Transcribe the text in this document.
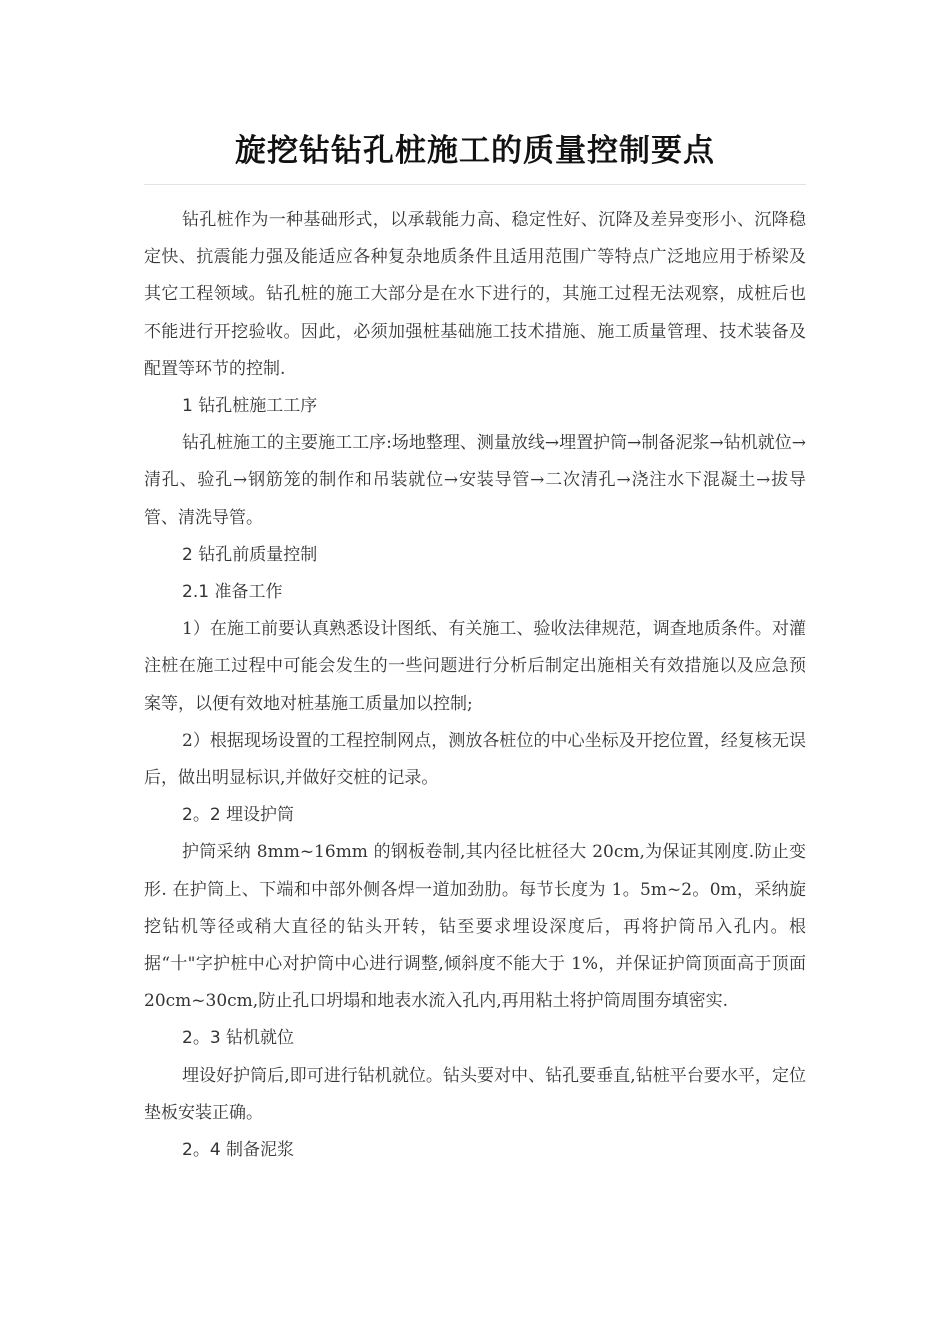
旋挖钻钻孔桩施工的质量控制要点

钻孔桩作为一种基础形式，以承载能力高、稳定性好、沉降及差异变形小、沉降稳定快、抗震能力强及能适应各种复杂地质条件且适用范围广等特点广泛地应用于桥梁及其它工程领域。钻孔桩的施工大部分是在水下进行的，其施工过程无法观察，成桩后也不能进行开挖验收。因此，必须加强桩基础施工技术措施、施工质量管理、技术装备及配置等环节的控制.

1 钻孔桩施工工序

钻孔桩施工的主要施工工序:场地整理、测量放线→埋置护筒→制备泥浆→钻机就位→清孔、验孔→钢筋笼的制作和吊装就位→安装导管→二次清孔→浇注水下混凝土→拔导管、清洗导管。

2 钻孔前质量控制

2.1 准备工作

1）在施工前要认真熟悉设计图纸、有关施工、验收法律规范，调查地质条件。对灌注桩在施工过程中可能会发生的一些问题进行分析后制定出施相关有效措施以及应急预案等，以便有效地对桩基施工质量加以控制;

2）根据现场设置的工程控制网点，测放各桩位的中心坐标及开挖位置，经复核无误后，做出明显标识,并做好交桩的记录。

2。2 埋设护筒

护筒采纳 8mm~16mm 的钢板卷制,其内径比桩径大 20cm,为保证其刚度.防止变形. 在护筒上、下端和中部外侧各焊一道加劲肋。每节长度为 1。5m~2。0m，采纳旋挖钻机等径或稍大直径的钻头开转，钻至要求埋设深度后，再将护筒吊入孔内。根据“十"字护桩中心对护筒中心进行调整,倾斜度不能大于 1%，并保证护筒顶面高于顶面 20cm~30cm,防止孔口坍塌和地表水流入孔内,再用粘土将护筒周围夯填密实.

2。3 钻机就位

埋设好护筒后,即可进行钻机就位。钻头要对中、钻孔要垂直,钻桩平台要水平，定位垫板安装正确。

2。4 制备泥浆
